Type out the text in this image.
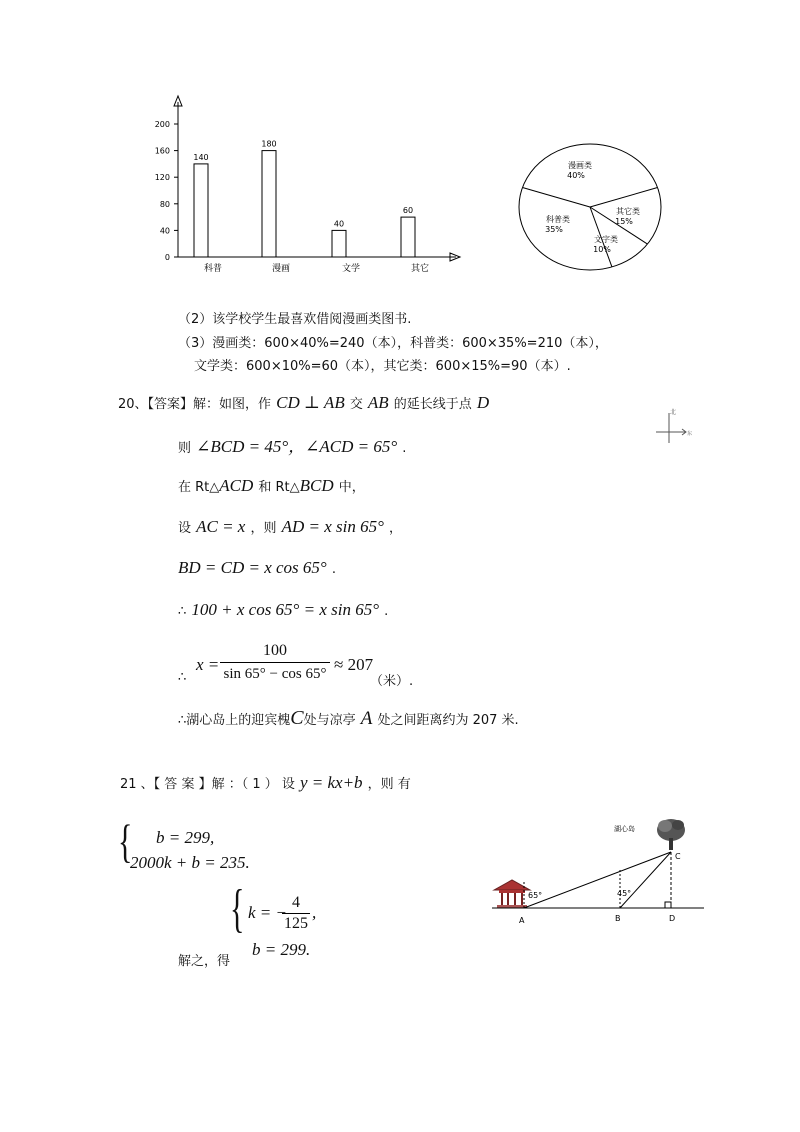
0
40
80
120
160
200
140
科普
180
漫画
40
文学
60
其它
漫画类
40%
科普类
35%
文字类
10%
其它类
15%
（2）该学校学生最喜欢借阅漫画类图书.
（3）漫画类：600×40%=240（本），科普类：600×35%=210（本），
文学类：600×10%=60（本），其它类：600×15%=90（本）.
20、【答案】解：如图，作 CD ⊥ AB 交 AB 的延长线于点 D
则 ∠BCD = 45°，∠ACD = 65° .
在 Rt△ACD 和 Rt△BCD 中，
设 AC = x ，则 AD = x sin 65° ，
BD = CD = x cos 65° .
∴ 100 + x cos 65° = x sin 65° .
∴
x =
100
sin 65° − cos 65° ≈ 207
（米）.
∴湖心岛上的迎宾槐C处与凉亭 A 处之间距离约为 207 米.
北
东
21 、【 答 案 】解 ：（ 1 ） 设 y = kx+b ，则 有
{ b = 299,
2000k + b = 235.
{ k = −
4
125
,
b = 299.
解之，得
65°	45°
湖心岛
C
A	B	D
